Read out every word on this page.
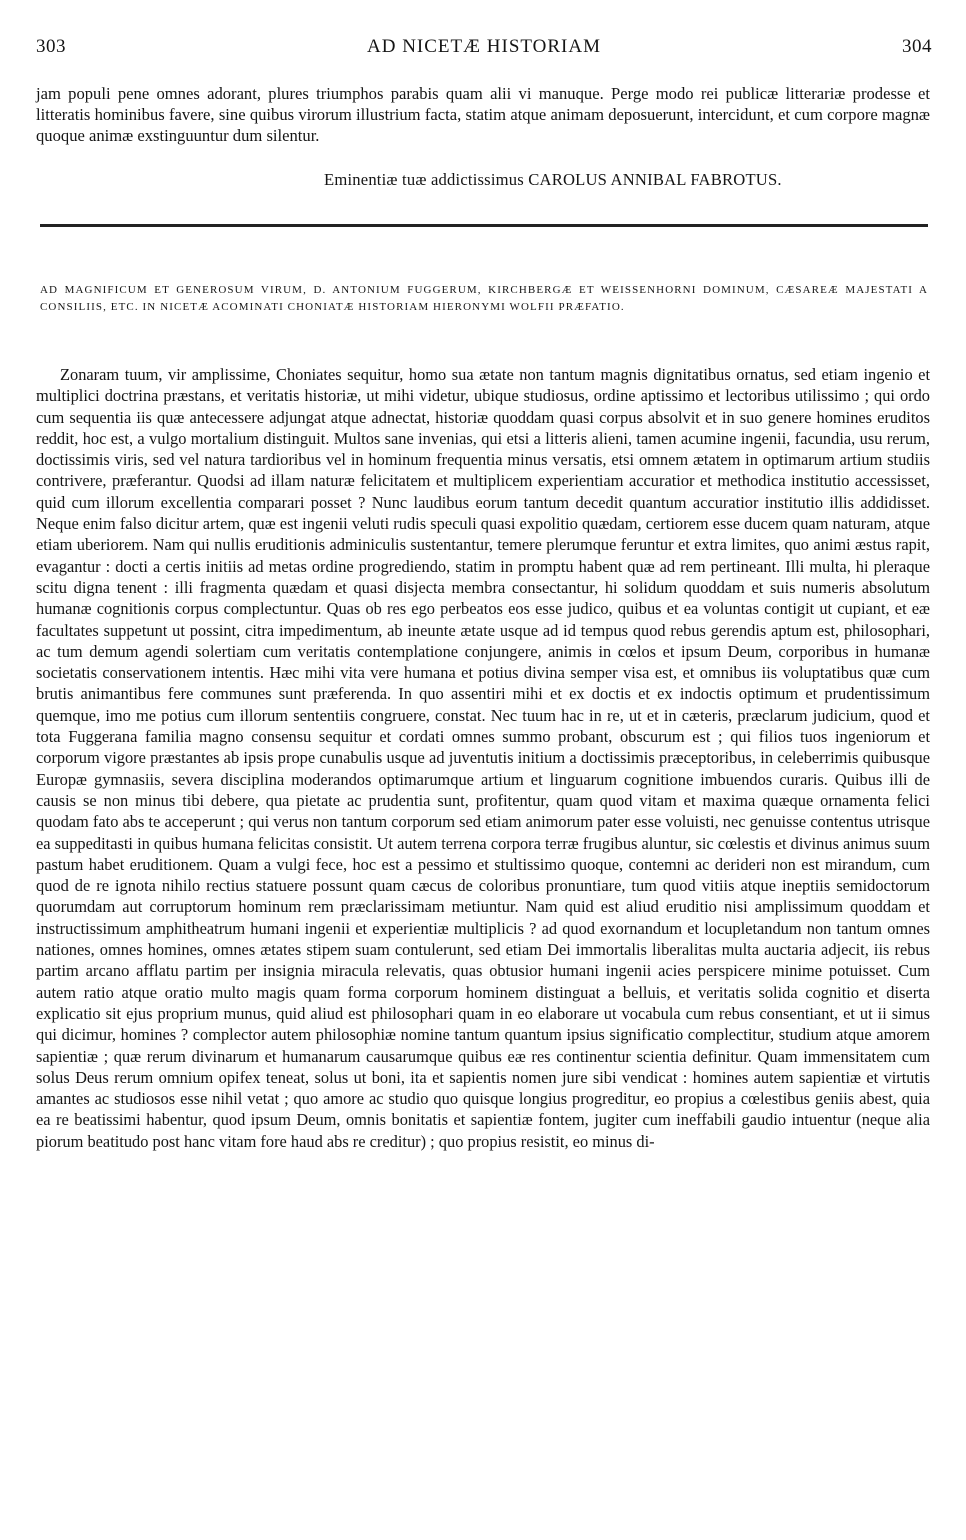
303	AD NICETÆ HISTORIAM	304

jam populi pene omnes adorant, plures triumphos parabis quam alii vi manuque. Perge modo rei publicæ litterariæ prodesse et litteratis hominibus favere, sine quibus virorum illustrium facta, statim atque animam deposuerunt, intercidunt, et cum corpore magnæ quoque animæ exstinguuntur dum silentur.

Eminentiæ tuæ addictissimus CAROLUS ANNIBAL FABROTUS.
AD MAGNIFICUM ET GENEROSUM VIRUM, D. ANTONIUM FUGGERUM, KIRCHBERGÆ ET WEISSENHORNI DOMINUM, CÆSAREÆ MAJESTATI A CONSILIIS, ETC. IN NICETÆ ACOMINATI CHONIATÆ HISTORIAM HIERONYMI WOLFII PRÆFATIO.

Zonaram tuum, vir amplissime, Choniates sequitur, homo sua ætate non tantum magnis dignitatibus ornatus, sed etiam ingenio et multiplici doctrina præstans, et veritatis historiæ, ut mihi videtur, ubique studiosus, ordine aptissimo et lectoribus utilissimo ; qui ordo cum sequentia iis quæ antecessere adjungat atque adnectat, historiæ quoddam quasi corpus absolvit et in suo genere homines eruditos reddit, hoc est, a vulgo mortalium distinguit. Multos sane invenias, qui etsi a litteris alieni, tamen acumine ingenii, facundia, usu rerum, doctissimis viris, sed vel natura tardioribus vel in hominum frequentia minus versatis, etsi omnem ætatem in optimarum artium studiis contrivere, præferantur. Quodsi ad illam naturæ felicitatem et multiplicem experientiam accuratior et methodica institutio accessisset, quid cum illorum excellentia comparari posset ? Nunc laudibus eorum tantum decedit quantum accuratior institutio illis addidisset. Neque enim falso dicitur artem, quæ est ingenii veluti rudis speculi quasi expolitio quædam, certiorem esse ducem quam naturam, atque etiam uberiorem. Nam qui nullis eruditionis adminiculis sustentantur, temere plerumque feruntur et extra limites, quo animi æstus rapit, evagantur : docti a certis initiis ad metas ordine progrediendo, statim in promptu habent quæ ad rem pertineant. Illi multa, hi pleraque scitu digna tenent : illi fragmenta quædam et quasi disjecta membra consectantur, hi solidum quoddam et suis numeris absolutum humanæ cognitionis corpus complectuntur. Quas ob res ego perbeatos eos esse judico, quibus et ea voluntas contigit ut cupiant, et eæ facultates suppetunt ut possint, citra impedimentum, ab ineunte ætate usque ad id tempus quod rebus gerendis aptum est, philosophari, ac tum demum agendi solertiam cum veritatis contemplatione conjungere, animis in cœlos et ipsum Deum, corporibus in humanæ societatis conservationem intentis. Hæc mihi vita vere humana et potius divina semper visa est, et omnibus iis voluptatibus quæ cum brutis animantibus fere communes sunt præferenda. In quo assentiri mihi et ex doctis et ex indoctis optimum et prudentissimum quemque, imo me potius cum illorum sententiis congruere, constat. Nec tuum hac in re, ut et in cæteris, præclarum judicium, quod et tota Fuggerana familia magno consensu sequitur et cordati omnes summo probant, obscurum est ; qui filios tuos ingeniorum et corporum vigore præstantes ab ipsis prope cunabulis usque ad juventutis initium a doctissimis præceptoribus, in celeberrimis quibusque Europæ gymnasiis, severa disciplina moderandos optimarumque artium et linguarum cognitione imbuendos curaris. Quibus illi de causis se non minus tibi debere, qua pietate ac prudentia sunt, profitentur, quam quod vitam et maxima quæque ornamenta felici quodam fato abs te acceperunt ; qui verus non tantum corporum sed etiam animorum pater esse voluisti, nec genuisse contentus utrisque ea suppeditasti in quibus humana felicitas consistit. Ut autem terrena corpora terræ frugibus aluntur, sic cœlestis et divinus animus suum pastum habet eruditionem. Quam a vulgi fece, hoc est a pessimo et stultissimo quoque, contemni ac derideri non est mirandum, cum quod de re ignota nihilo rectius statuere possunt quam cæcus de coloribus pronuntiare, tum quod vitiis atque ineptiis semidoctorum quorumdam aut corruptorum hominum rem præclarissimam metiuntur. Nam quid est aliud eruditio nisi amplissimum quoddam et instructissimum amphitheatrum humani ingenii et experientiæ multiplicis ? ad quod exornandum et locupletandum non tantum omnes nationes, omnes homines, omnes ætates stipem suam contulerunt, sed etiam Dei immortalis liberalitas multa auctaria adjecit, iis rebus partim arcano afflatu partim per insignia miracula relevatis, quas obtusior humani ingenii acies perspicere minime potuisset. Cum autem ratio atque oratio multo magis quam forma corporum hominem distinguat a belluis, et veritatis solida cognitio et diserta explicatio sit ejus proprium munus, quid aliud est philosophari quam in eo elaborare ut vocabula cum rebus consentiant, et ut ii simus qui dicimur, homines ? complector autem philosophiæ nomine tantum quantum ipsius significatio complectitur, studium atque amorem sapientiæ ; quæ rerum divinarum et humanarum causarumque quibus eæ res continentur scientia definitur. Quam immensitatem cum solus Deus rerum omnium opifex teneat, solus ut boni, ita et sapientis nomen jure sibi vendicat : homines autem sapientiæ et virtutis amantes ac studiosos esse nihil vetat ; quo amore ac studio quo quisque longius progreditur, eo propius a cœlestibus geniis abest, quia ea re beatissimi habentur, quod ipsum Deum, omnis bonitatis et sapientiæ fontem, jugiter cum ineffabili gaudio intuentur (neque alia piorum beatitudo post hanc vitam fore haud abs re creditur) ; quo propius resistit, eo minus di-
